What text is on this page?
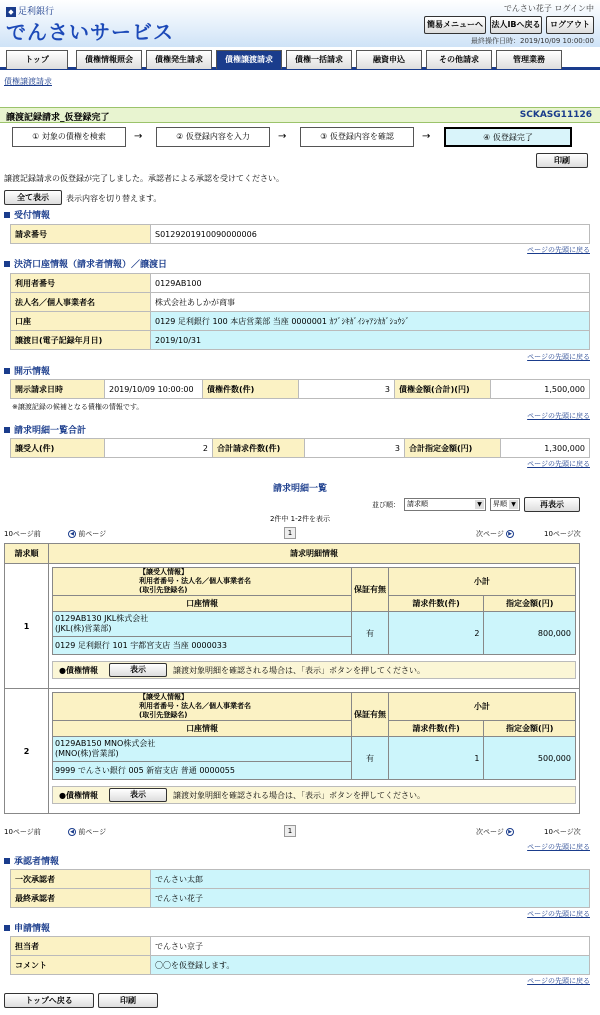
◆ 足利銀行
でんさいサービス
でんさい花子 ログイン中
簡易メニューへ	法人IBへ戻る	ログアウト
最終操作日時：2019/10/09 10:00:00
トップ	債権情報照会	債権発生請求	債権譲渡請求	債権一括請求	融資申込	その他請求	管理業務
債権譲渡請求
譲渡記録請求_仮登録完了	SCKASG11126
① 対象の債権を検索	→	② 仮登録内容を入力	→	③ 仮登録内容を確認	→	④ 仮登録完了
印刷
譲渡記録請求の仮登録が完了しました。承認者による承認を受けてください。
全て表示	表示内容を切り替えます。
受付情報
請求番号	S0129201910090000006
ページの先頭に戻る
決済口座情報（請求者情報）／譲渡日
利用者番号	0129AB100
法人名／個人事業者名	株式会社あしかが商事
口座	0129 足利銀行 100 本店営業部 当座 0000001 ｶﾌﾞｼｷｶﾞｲｼｬｱｼｶｶﾞｼｮｳｼﾞ
譲渡日(電子記録年月日)	2019/10/31
ページの先頭に戻る
開示情報
開示請求日時	2019/10/09 10:00:00	債権件数(件)	3	債権金額(合計)(円)	1,500,000
※譲渡記録の候補となる債権の情報です。
ページの先頭に戻る
請求明細一覧合計
譲受人(件)	2	合計請求件数(件)	3	合計指定金額(円)	1,300,000
ページの先頭に戻る
請求明細一覧
並び順：	請求順	▼	昇順 ▼	再表示
2件中 1-2件を表示
10ページ前	◀ 前ページ	1	次ページ ▶	10ページ次
請求順	請求明細情報
1	
【譲受人情報】
利用者番号・法人名／個人事業者名
(取引先登録名)	保証有無	小計

口座情報	請求件数(件)	指定金額(円)
0129AB130 JKL株式会社
(JKL(株)営業部)	有	2	800,000
0129 足利銀行 101 宇都宮支店 当座 0000033
●債権情報	表示	譲渡対象明細を確認される場合は、「表示」ボタンを押してください。

2	
【譲受人情報】
利用者番号・法人名／個人事業者名
(取引先登録名)	保証有無	小計

口座情報	請求件数(件)	指定金額(円)
0129AB150 MNO株式会社
(MNO(株)営業部)	有	1	500,000
9999 でんさい銀行 005 新宿支店 普通 0000055
●債権情報	表示	譲渡対象明細を確認される場合は、「表示」ボタンを押してください。
10ページ前	◀ 前ページ	1	次ページ ▶	10ページ次
ページの先頭に戻る
承認者情報
一次承認者	でんさい太郎
最終承認者	でんさい花子
ページの先頭に戻る
申請情報
担当者	でんさい京子
コメント	〇〇を仮登録します。
ページの先頭に戻る
トップへ戻る	印刷
